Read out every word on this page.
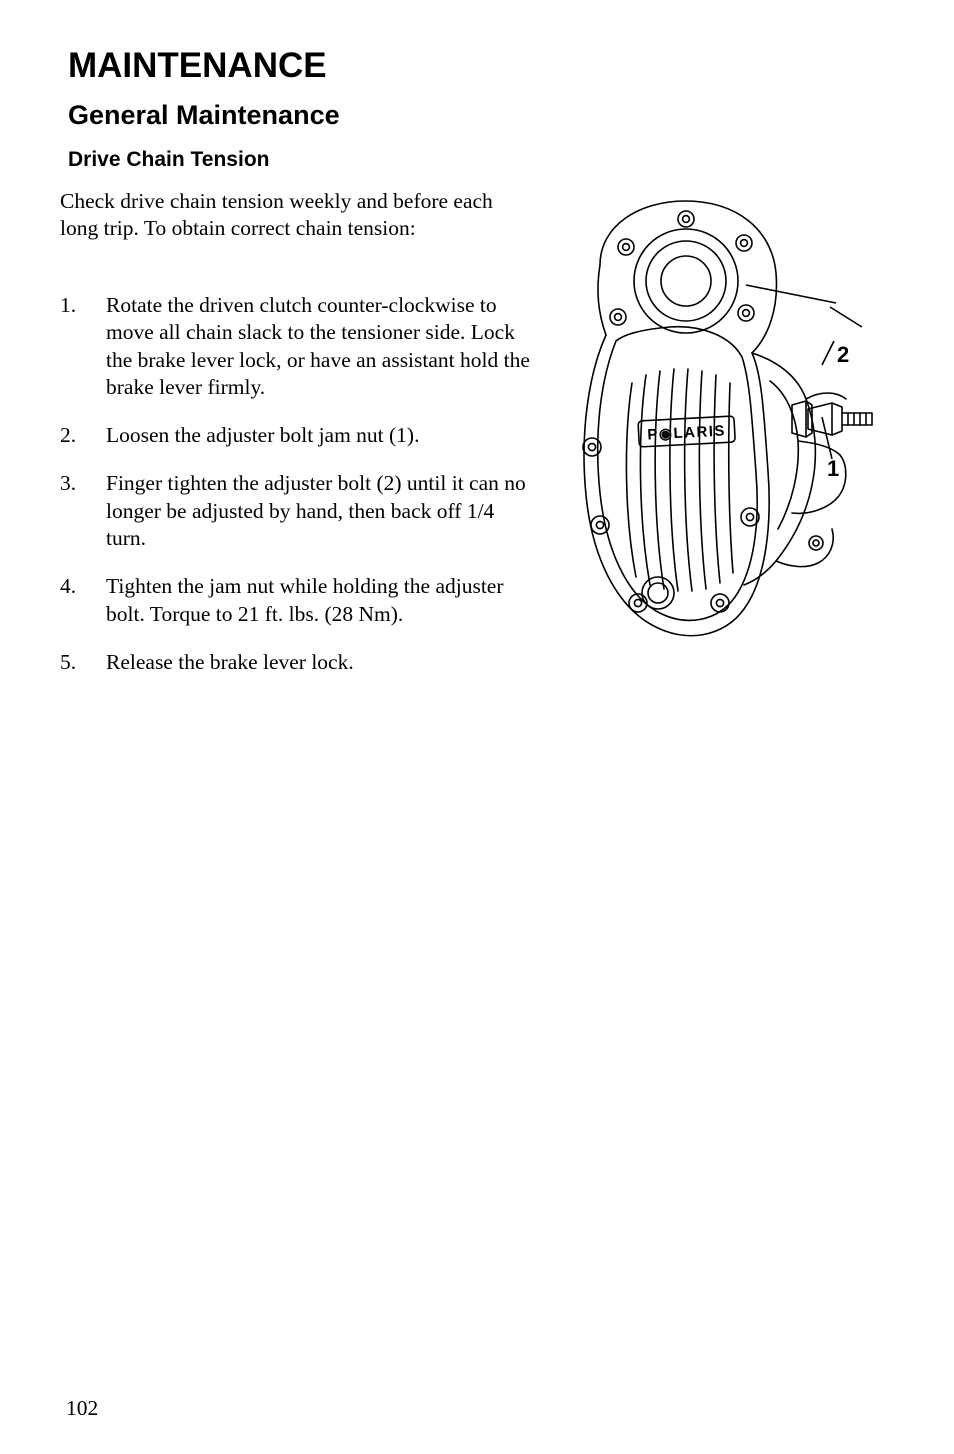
MAINTENANCE
General Maintenance
Drive Chain Tension
Check drive chain tension weekly and before each long trip. To obtain correct chain tension:
1.	Rotate the driven clutch counter-clockwise to move all chain slack to the tensioner side. Lock the brake lever lock, or have an assistant hold the brake lever firmly.
2.	Loosen the adjuster bolt jam nut (1).
3.	Finger tighten the adjuster bolt (2) until it can no longer be adjusted by hand, then back off 1/4 turn.
4.	Tighten the jam nut while holding the adjuster bolt. Torque to 21 ft. lbs. (28 Nm).
5.	Release the brake lever lock.
P◉LARIS
2
1
102
